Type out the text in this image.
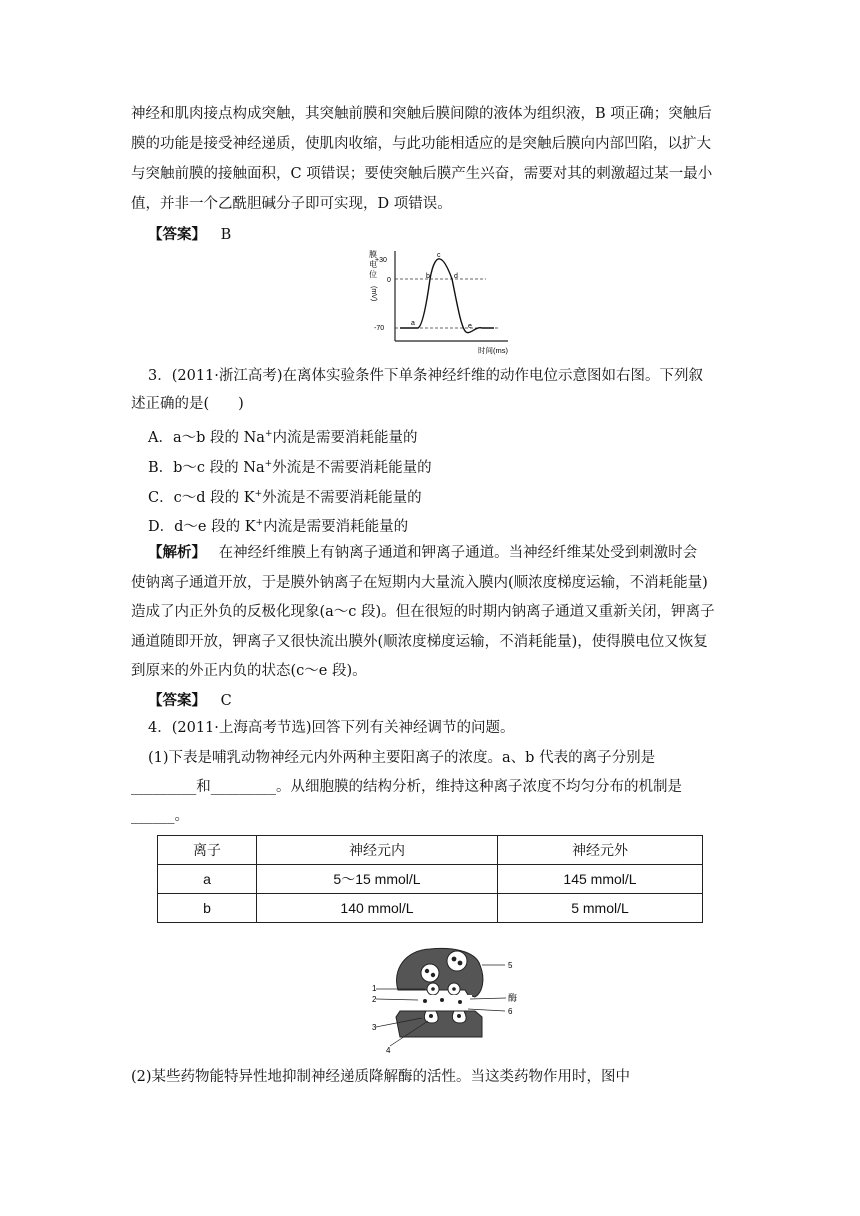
神经和肌肉接点构成突触，其突触前膜和突触后膜间隙的液体为组织液，B 项正确；突触后
膜的功能是接受神经递质，使肌肉收缩，与此功能相适应的是突触后膜向内部凹陷，以扩大
与突触前膜的接触面积，C 项错误；要使突触后膜产生兴奋，需要对其的刺激超过某一最小
值，并非一个乙酰胆碱分子即可实现，D 项错误。
【答案】 B
膜
电
位
(mV)
+30
0
-70
a
b
c
d
e
时间(ms)
3．(2011·浙江高考)在离体实验条件下单条神经纤维的动作电位示意图如右图。下列叙
述正确的是(　　)
A．a～b 段的 Na+内流是需要消耗能量的
B．b～c 段的 Na+外流是不需要消耗能量的
C．c～d 段的 K+外流是不需要消耗能量的
D．d～e 段的 K+内流是需要消耗能量的
【解析】 在神经纤维膜上有钠离子通道和钾离子通道。当神经纤维某处受到刺激时会
使钠离子通道开放，于是膜外钠离子在短期内大量流入膜内(顺浓度梯度运输，不消耗能量)
造成了内正外负的反极化现象(a～c 段)。但在很短的时期内钠离子通道又重新关闭，钾离子
通道随即开放，钾离子又很快流出膜外(顺浓度梯度运输，不消耗能量)，使得膜电位又恢复
到原来的外正内负的状态(c～e 段)。
【答案】 C
4．(2011·上海高考节选)回答下列有关神经调节的问题。
(1)下表是哺乳动物神经元内外两种主要阳离子的浓度。a、b 代表的离子分别是
_________和_________。从细胞膜的结构分析，维持这种离子浓度不均匀分布的机制是
______。
离子	神经元内	神经元外
a	5～15 mmol/L	145 mmol/L
b	140 mmol/L	5 mmol/L
1
2
3
4
5
6
酶
(2)某些药物能特异性地抑制神经递质降解酶的活性。当这类药物作用时，图中
